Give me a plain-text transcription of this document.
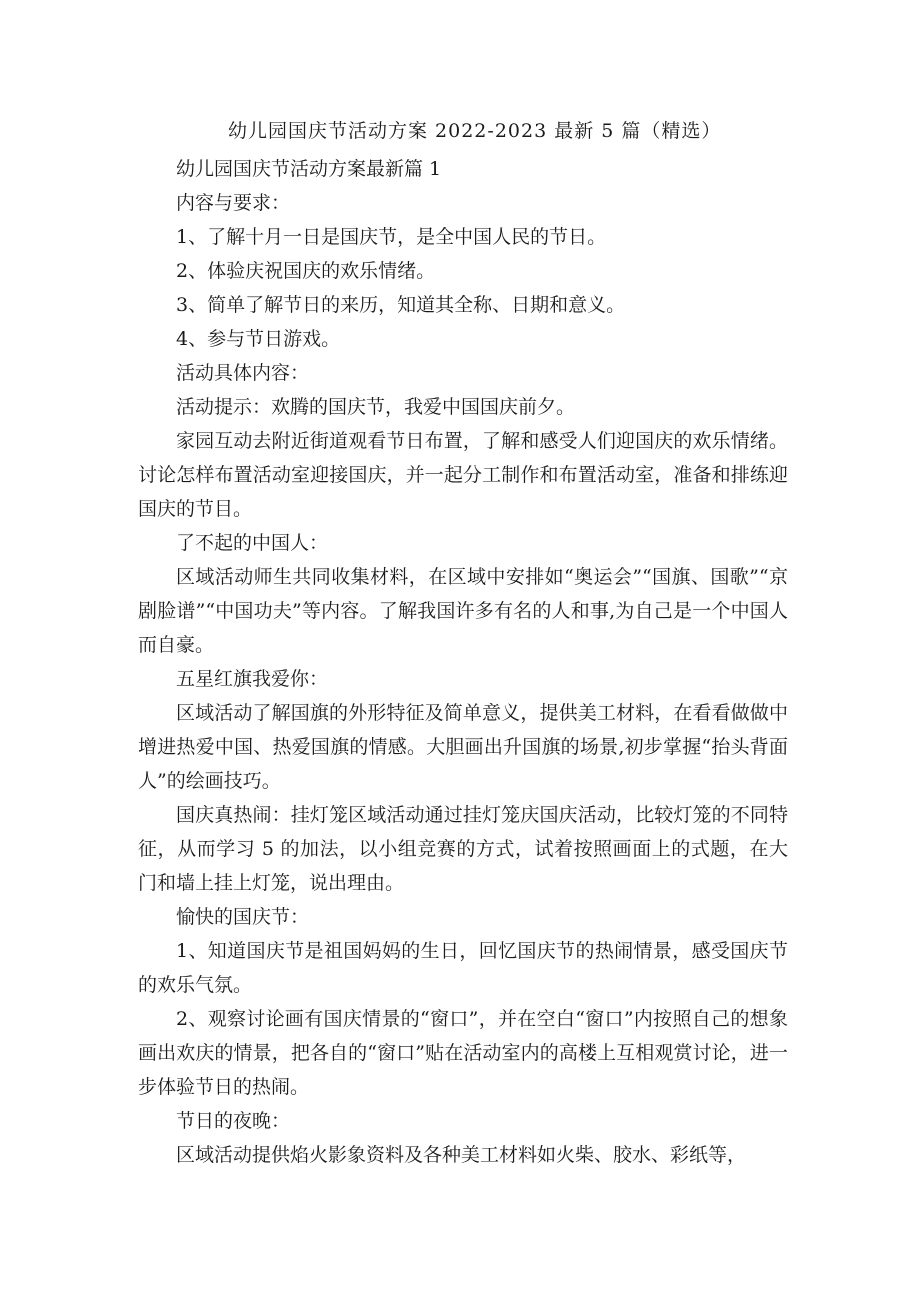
幼儿园国庆节活动方案 2022-2023 最新 5 篇（精选）

幼儿园国庆节活动方案最新篇 1

内容与要求：

1、了解十月一日是国庆节，是全中国人民的节日。

2、体验庆祝国庆的欢乐情绪。

3、简单了解节日的来历，知道其全称、日期和意义。

4、参与节日游戏。

活动具体内容：

活动提示：欢腾的国庆节，我爱中国国庆前夕。

家园互动去附近街道观看节日布置，了解和感受人们迎国庆的欢乐情绪。讨论怎样布置活动室迎接国庆，并一起分工制作和布置活动室，准备和排练迎国庆的节目。

了不起的中国人：

区域活动师生共同收集材料，在区域中安排如“奥运会”“国旗、国歌”“京剧脸谱”“中国功夫”等内容。了解我国许多有名的人和事,为自己是一个中国人而自豪。

五星红旗我爱你：

区域活动了解国旗的外形特征及简单意义，提供美工材料，在看看做做中增进热爱中国、热爱国旗的情感。大胆画出升国旗的场景,初步掌握“抬头背面人”的绘画技巧。

国庆真热闹：挂灯笼区域活动通过挂灯笼庆国庆活动，比较灯笼的不同特征，从而学习 5 的加法，以小组竞赛的方式，试着按照画面上的式题，在大门和墙上挂上灯笼，说出理由。

愉快的国庆节：

1、知道国庆节是祖国妈妈的生日，回忆国庆节的热闹情景，感受国庆节的欢乐气氛。

2、观察讨论画有国庆情景的“窗口”，并在空白“窗口”内按照自己的想象画出欢庆的情景，把各自的“窗口”贴在活动室内的高楼上互相观赏讨论，进一步体验节日的热闹。

节日的夜晚：

区域活动提供焰火影象资料及各种美工材料如火柴、胶水、彩纸等，
